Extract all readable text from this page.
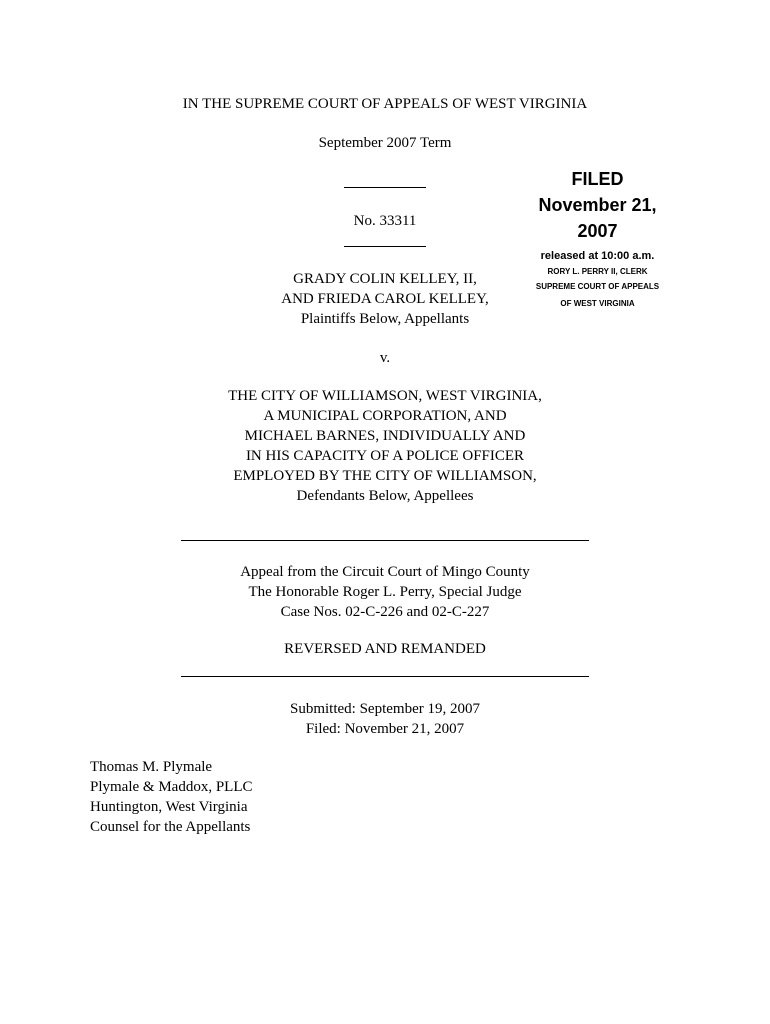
IN THE SUPREME COURT OF APPEALS OF WEST VIRGINIA
September 2007 Term
No. 33311
FILED
November 21,
2007
released at 10:00 a.m.
RORY L. PERRY II, CLERK
SUPREME COURT OF APPEALS
OF WEST VIRGINIA
GRADY COLIN KELLEY, II,
AND FRIEDA CAROL KELLEY,
Plaintiffs Below, Appellants
v.
THE CITY OF WILLIAMSON, WEST VIRGINIA,
A MUNICIPAL CORPORATION, AND
MICHAEL BARNES, INDIVIDUALLY AND
IN HIS CAPACITY OF A POLICE OFFICER
EMPLOYED BY THE CITY OF WILLIAMSON,
Defendants Below, Appellees
Appeal from the Circuit Court of Mingo County
The Honorable Roger L. Perry, Special Judge
Case Nos. 02-C-226 and 02-C-227
REVERSED AND REMANDED
Submitted: September 19, 2007
Filed: November 21, 2007
Thomas M. Plymale
Plymale & Maddox, PLLC
Huntington, West Virginia
Counsel for the Appellants
